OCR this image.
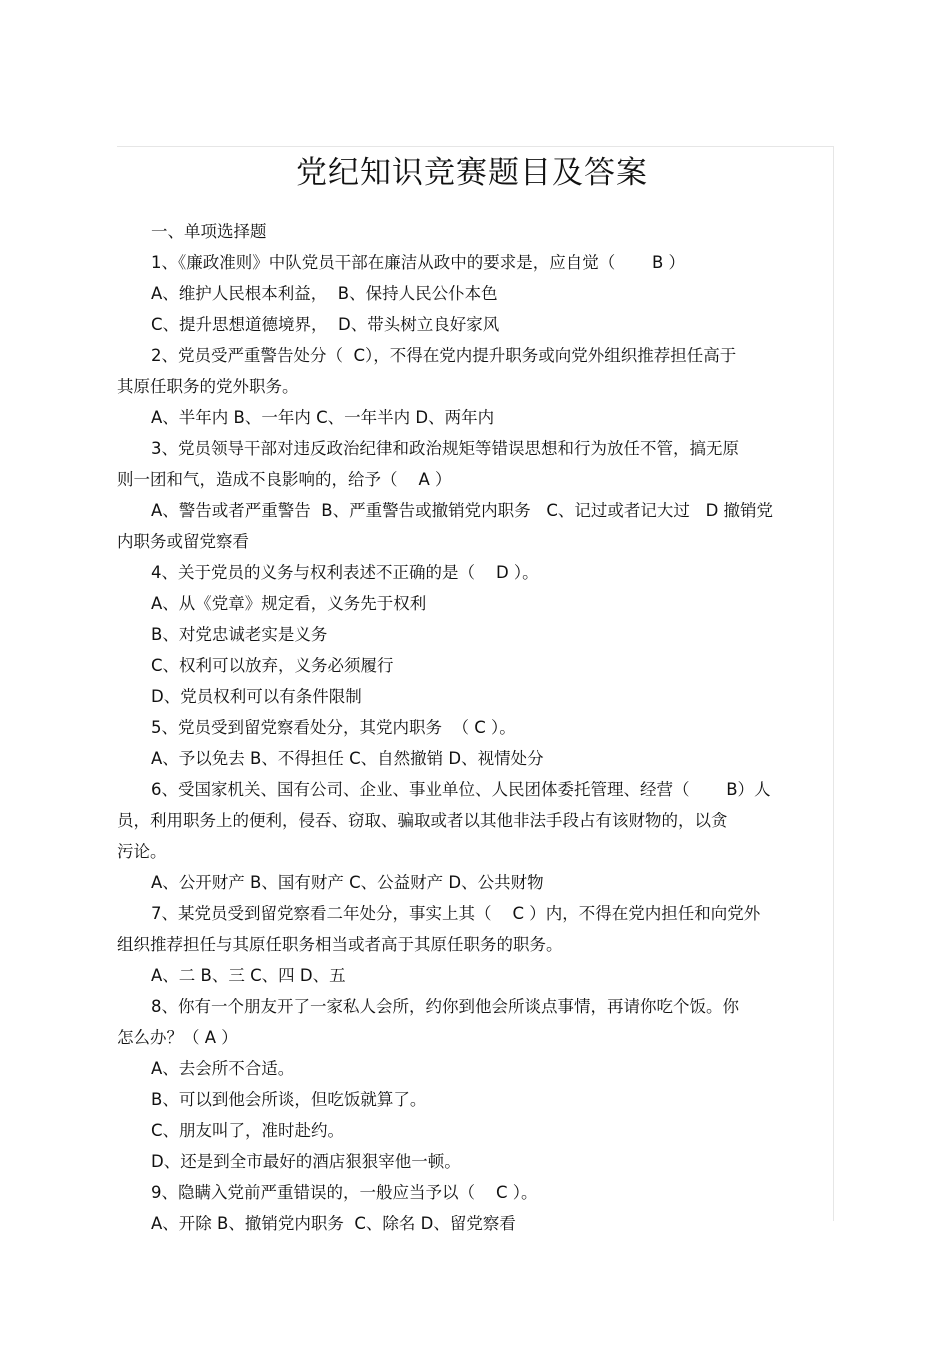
党纪知识竞赛题目及答案
一、单项选择题
1、《廉政准则》中队党员干部在廉洁从政中的要求是，应自觉（       B ）
A、维护人民根本利益，  B、保持人民公仆本色
C、提升思想道德境界，  D、带头树立良好家风
2、党员受严重警告处分（  C），不得在党内提升职务或向党外组织推荐担任高于
其原任职务的党外职务。
A、半年内 B、一年内 C、一年半内 D、两年内
3、党员领导干部对违反政治纪律和政治规矩等错误思想和行为放任不管，搞无原
则一团和气，造成不良影响的，给予（    A ）
A、警告或者严重警告  B、严重警告或撤销党内职务   C、记过或者记大过   D 撤销党
内职务或留党察看
4、关于党员的义务与权利表述不正确的是（    D ）。
A、从《党章》规定看，义务先于权利
B、对党忠诚老实是义务
C、权利可以放弃，义务必须履行
D、党员权利可以有条件限制
5、党员受到留党察看处分，其党内职务  （ C ）。
A、予以免去 B、不得担任 C、自然撤销 D、视情处分
6、受国家机关、国有公司、企业、事业单位、人民团体委托管理、经营（       B）人
员，利用职务上的便利，侵吞、窃取、骗取或者以其他非法手段占有该财物的，以贪
污论。
A、公开财产 B、国有财产 C、公益财产 D、公共财物
7、某党员受到留党察看二年处分，事实上其（    C ）内，不得在党内担任和向党外
组织推荐担任与其原任职务相当或者高于其原任职务的职务。
A、二 B、三 C、四 D、五
8、你有一个朋友开了一家私人会所，约你到他会所谈点事情，再请你吃个饭。你
怎么办？（ A ）
A、去会所不合适。
B、可以到他会所谈，但吃饭就算了。
C、朋友叫了，准时赴约。
D、还是到全市最好的酒店狠狠宰他一顿。
9、隐瞒入党前严重错误的，一般应当予以（    C ）。
A、开除 B、撤销党内职务  C、除名 D、留党察看
